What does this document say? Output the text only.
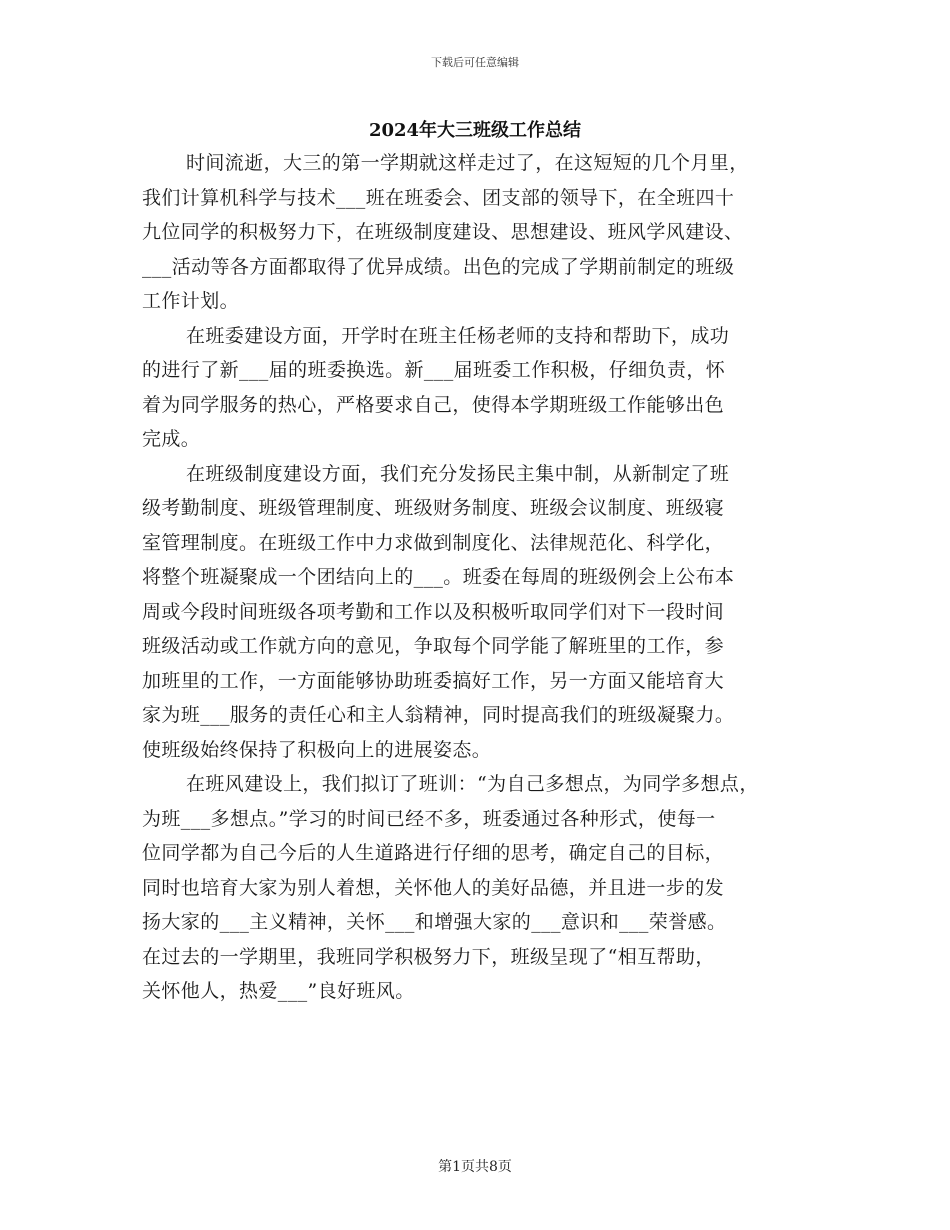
下载后可任意编辑
2024年大三班级工作总结
时间流逝，大三的第一学期就这样走过了，在这短短的几个月里，
我们计算机科学与技术___班在班委会、团支部的领导下，在全班四十
九位同学的积极努力下，在班级制度建设、思想建设、班风学风建设、
___活动等各方面都取得了优异成绩。出色的完成了学期前制定的班级
工作计划。
在班委建设方面，开学时在班主任杨老师的支持和帮助下，成功
的进行了新___届的班委换选。新___届班委工作积极，仔细负责，怀
着为同学服务的热心，严格要求自己，使得本学期班级工作能够出色
完成。
在班级制度建设方面，我们充分发扬民主集中制，从新制定了班
级考勤制度、班级管理制度、班级财务制度、班级会议制度、班级寝
室管理制度。在班级工作中力求做到制度化、法律规范化、科学化，
将整个班凝聚成一个团结向上的___。班委在每周的班级例会上公布本
周或今段时间班级各项考勤和工作以及积极听取同学们对下一段时间
班级活动或工作就方向的意见，争取每个同学能了解班里的工作，参
加班里的工作，一方面能够协助班委搞好工作，另一方面又能培育大
家为班___服务的责任心和主人翁精神，同时提高我们的班级凝聚力。
使班级始终保持了积极向上的进展姿态。
在班风建设上，我们拟订了班训：“为自己多想点，为同学多想点，
为班___多想点。”学习的时间已经不多，班委通过各种形式，使每一
位同学都为自己今后的人生道路进行仔细的思考，确定自己的目标，
同时也培育大家为别人着想，关怀他人的美好品德，并且进一步的发
扬大家的___主义精神，关怀___和增强大家的___意识和___荣誉感。
在过去的一学期里，我班同学积极努力下，班级呈现了“相互帮助，
关怀他人，热爱___”良好班风。
第1页共8页
